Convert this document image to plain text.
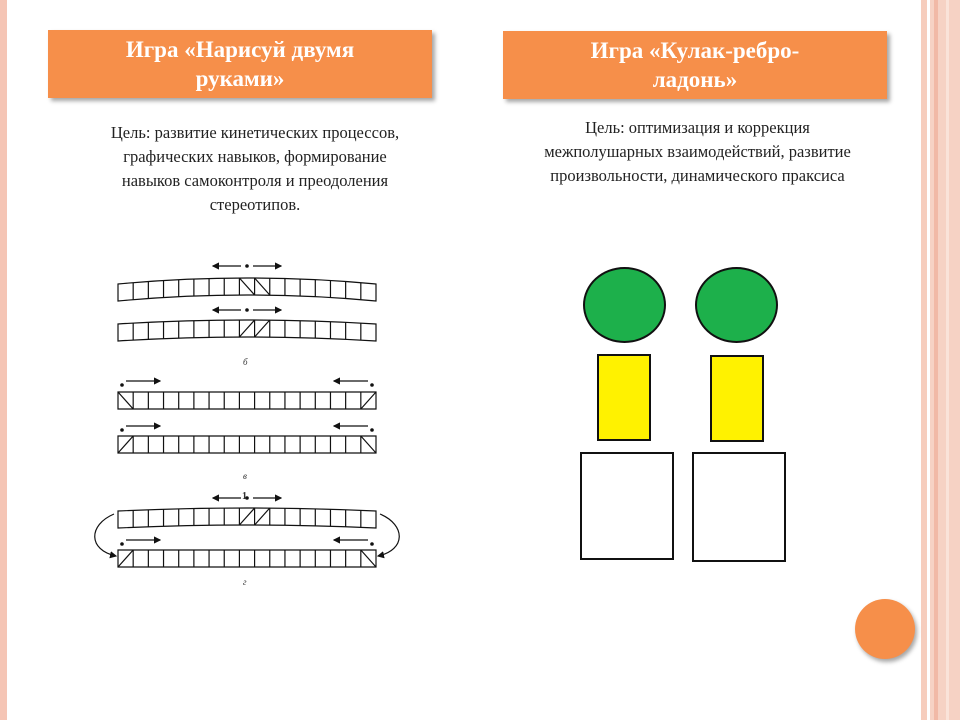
Игра «Нарисуй двумя
руками»
Игра «Кулак-ребро-
ладонь»
Цель: развитие кинетических процессов,
графических навыков, формирование
навыков самоконтроля и преодоления
стереотипов.
Цель: оптимизация и коррекция
межполушарных взаимодействий, развитие
произвольности, динамического праксиса
б
в
г
1
